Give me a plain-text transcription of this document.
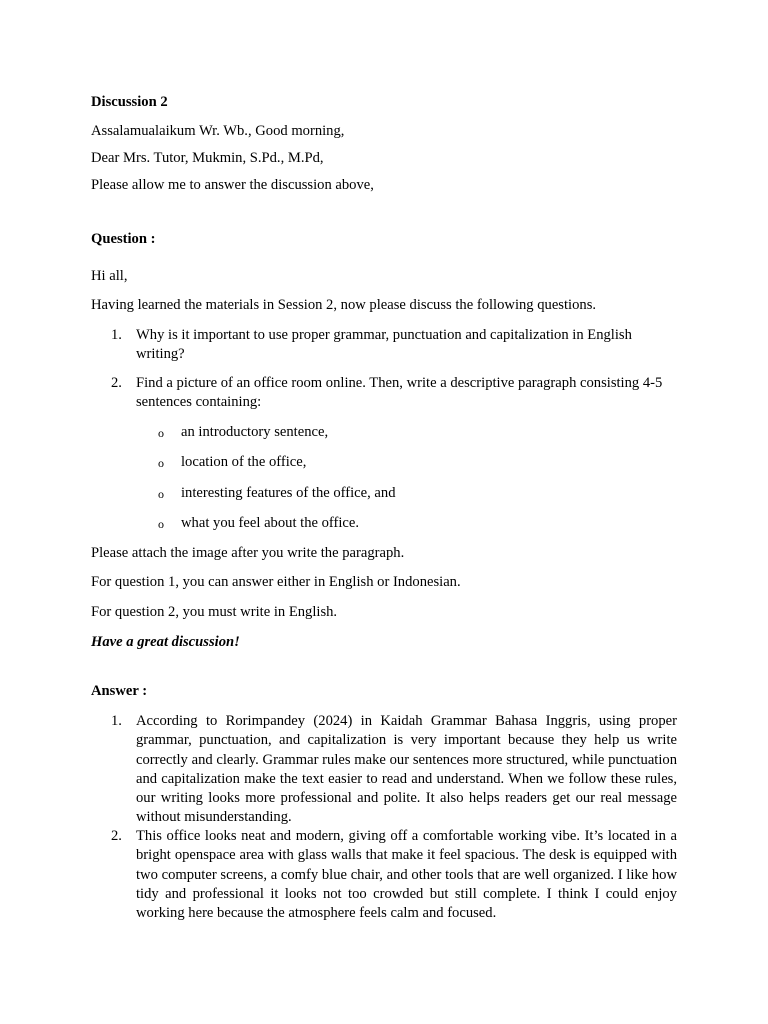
Discussion 2
Assalamualaikum Wr. Wb., Good morning,
Dear Mrs. Tutor, Mukmin, S.Pd., M.Pd,
Please allow me to answer the discussion above,
Question :
Hi all,
Having learned the materials in Session 2, now please discuss the following questions.
1. Why is it important to use proper grammar, punctuation and capitalization in English writing?
2. Find a picture of an office room online. Then, write a descriptive paragraph consisting 4-5 sentences containing:
o an introductory sentence,
o location of the office,
o interesting features of the office, and
o what you feel about the office.
Please attach the image after you write the paragraph.
For question 1, you can answer either in English or Indonesian.
For question 2, you must write in English.
Have a great discussion!
Answer :
1. According to Rorimpandey (2024) in Kaidah Grammar Bahasa Inggris, using proper grammar, punctuation, and capitalization is very important because they help us write correctly and clearly. Grammar rules make our sentences more structured, while punctuation and capitalization make the text easier to read and understand. When we follow these rules, our writing looks more professional and polite. It also helps readers get our real message without misunderstanding.
2. This office looks neat and modern, giving off a comfortable working vibe. It’s located in a bright openspace area with glass walls that make it feel spacious. The desk is equipped with two computer screens, a comfy blue chair, and other tools that are well organized. I like how tidy and professional it looks not too crowded but still complete. I think I could enjoy working here because the atmosphere feels calm and focused.
